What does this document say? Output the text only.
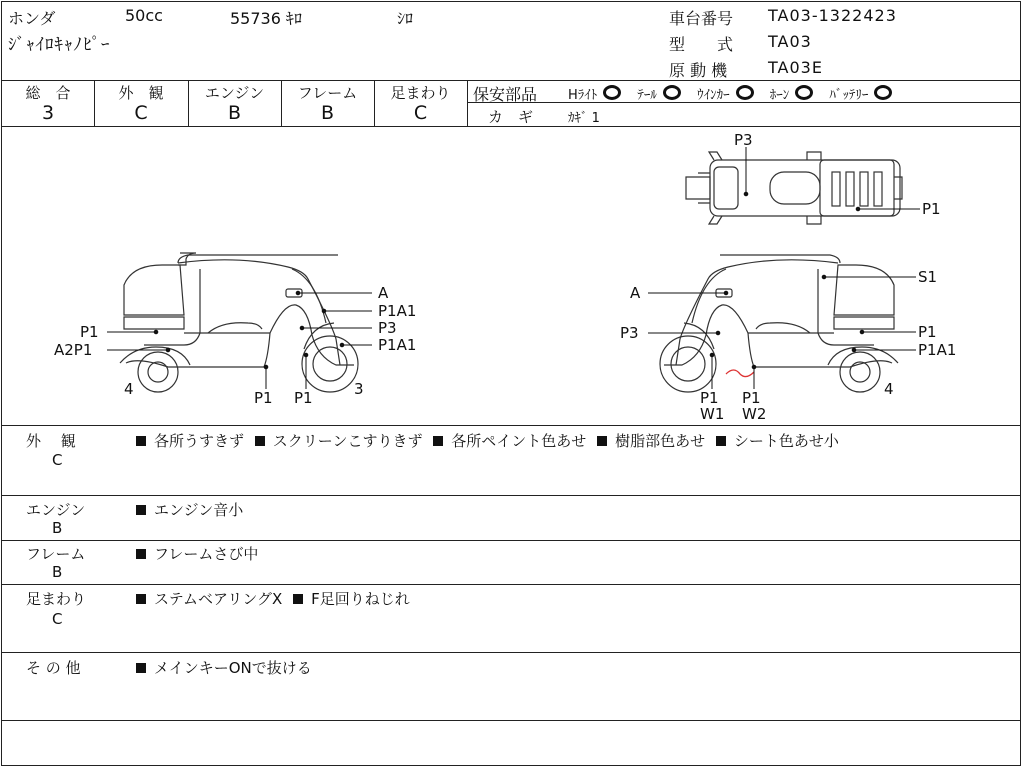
ホンダ	50cc	55736 ｷﾛ	ｼﾛ
ｼﾞｬｲﾛｷｬﾉﾋﾟｰ
車台番号 TA03-1322423
型　　式 TA03
原 動 機	TA03E
総　合
3
外　観
C
エンジン
B
フレーム
B
足まわり
C
保安部品 Hﾗｲﾄ	ﾃｰﾙ	ｳｲﾝｶｰ	ﾎｰﾝ	ﾊﾞｯﾃﾘｰ
カ　ギ	ｶｷﾞ 1
P3
P1
A
P1A1
P3
P1A1
P1
A2P1
4	P1 P1	3
S1
A
P3	P1
P1A1
P1
W1
P1
W2
4
外　 観
C
各所うすきず スクリーンこすりきず 各所ペイント色あせ 樹脂部色あせ シート色あせ小
エンジン
B
エンジン音小
フレーム
B
フレームさび中
足まわり
C
ステムベアリングX F足回りねじれ
そ の 他	メインキーONで抜ける
